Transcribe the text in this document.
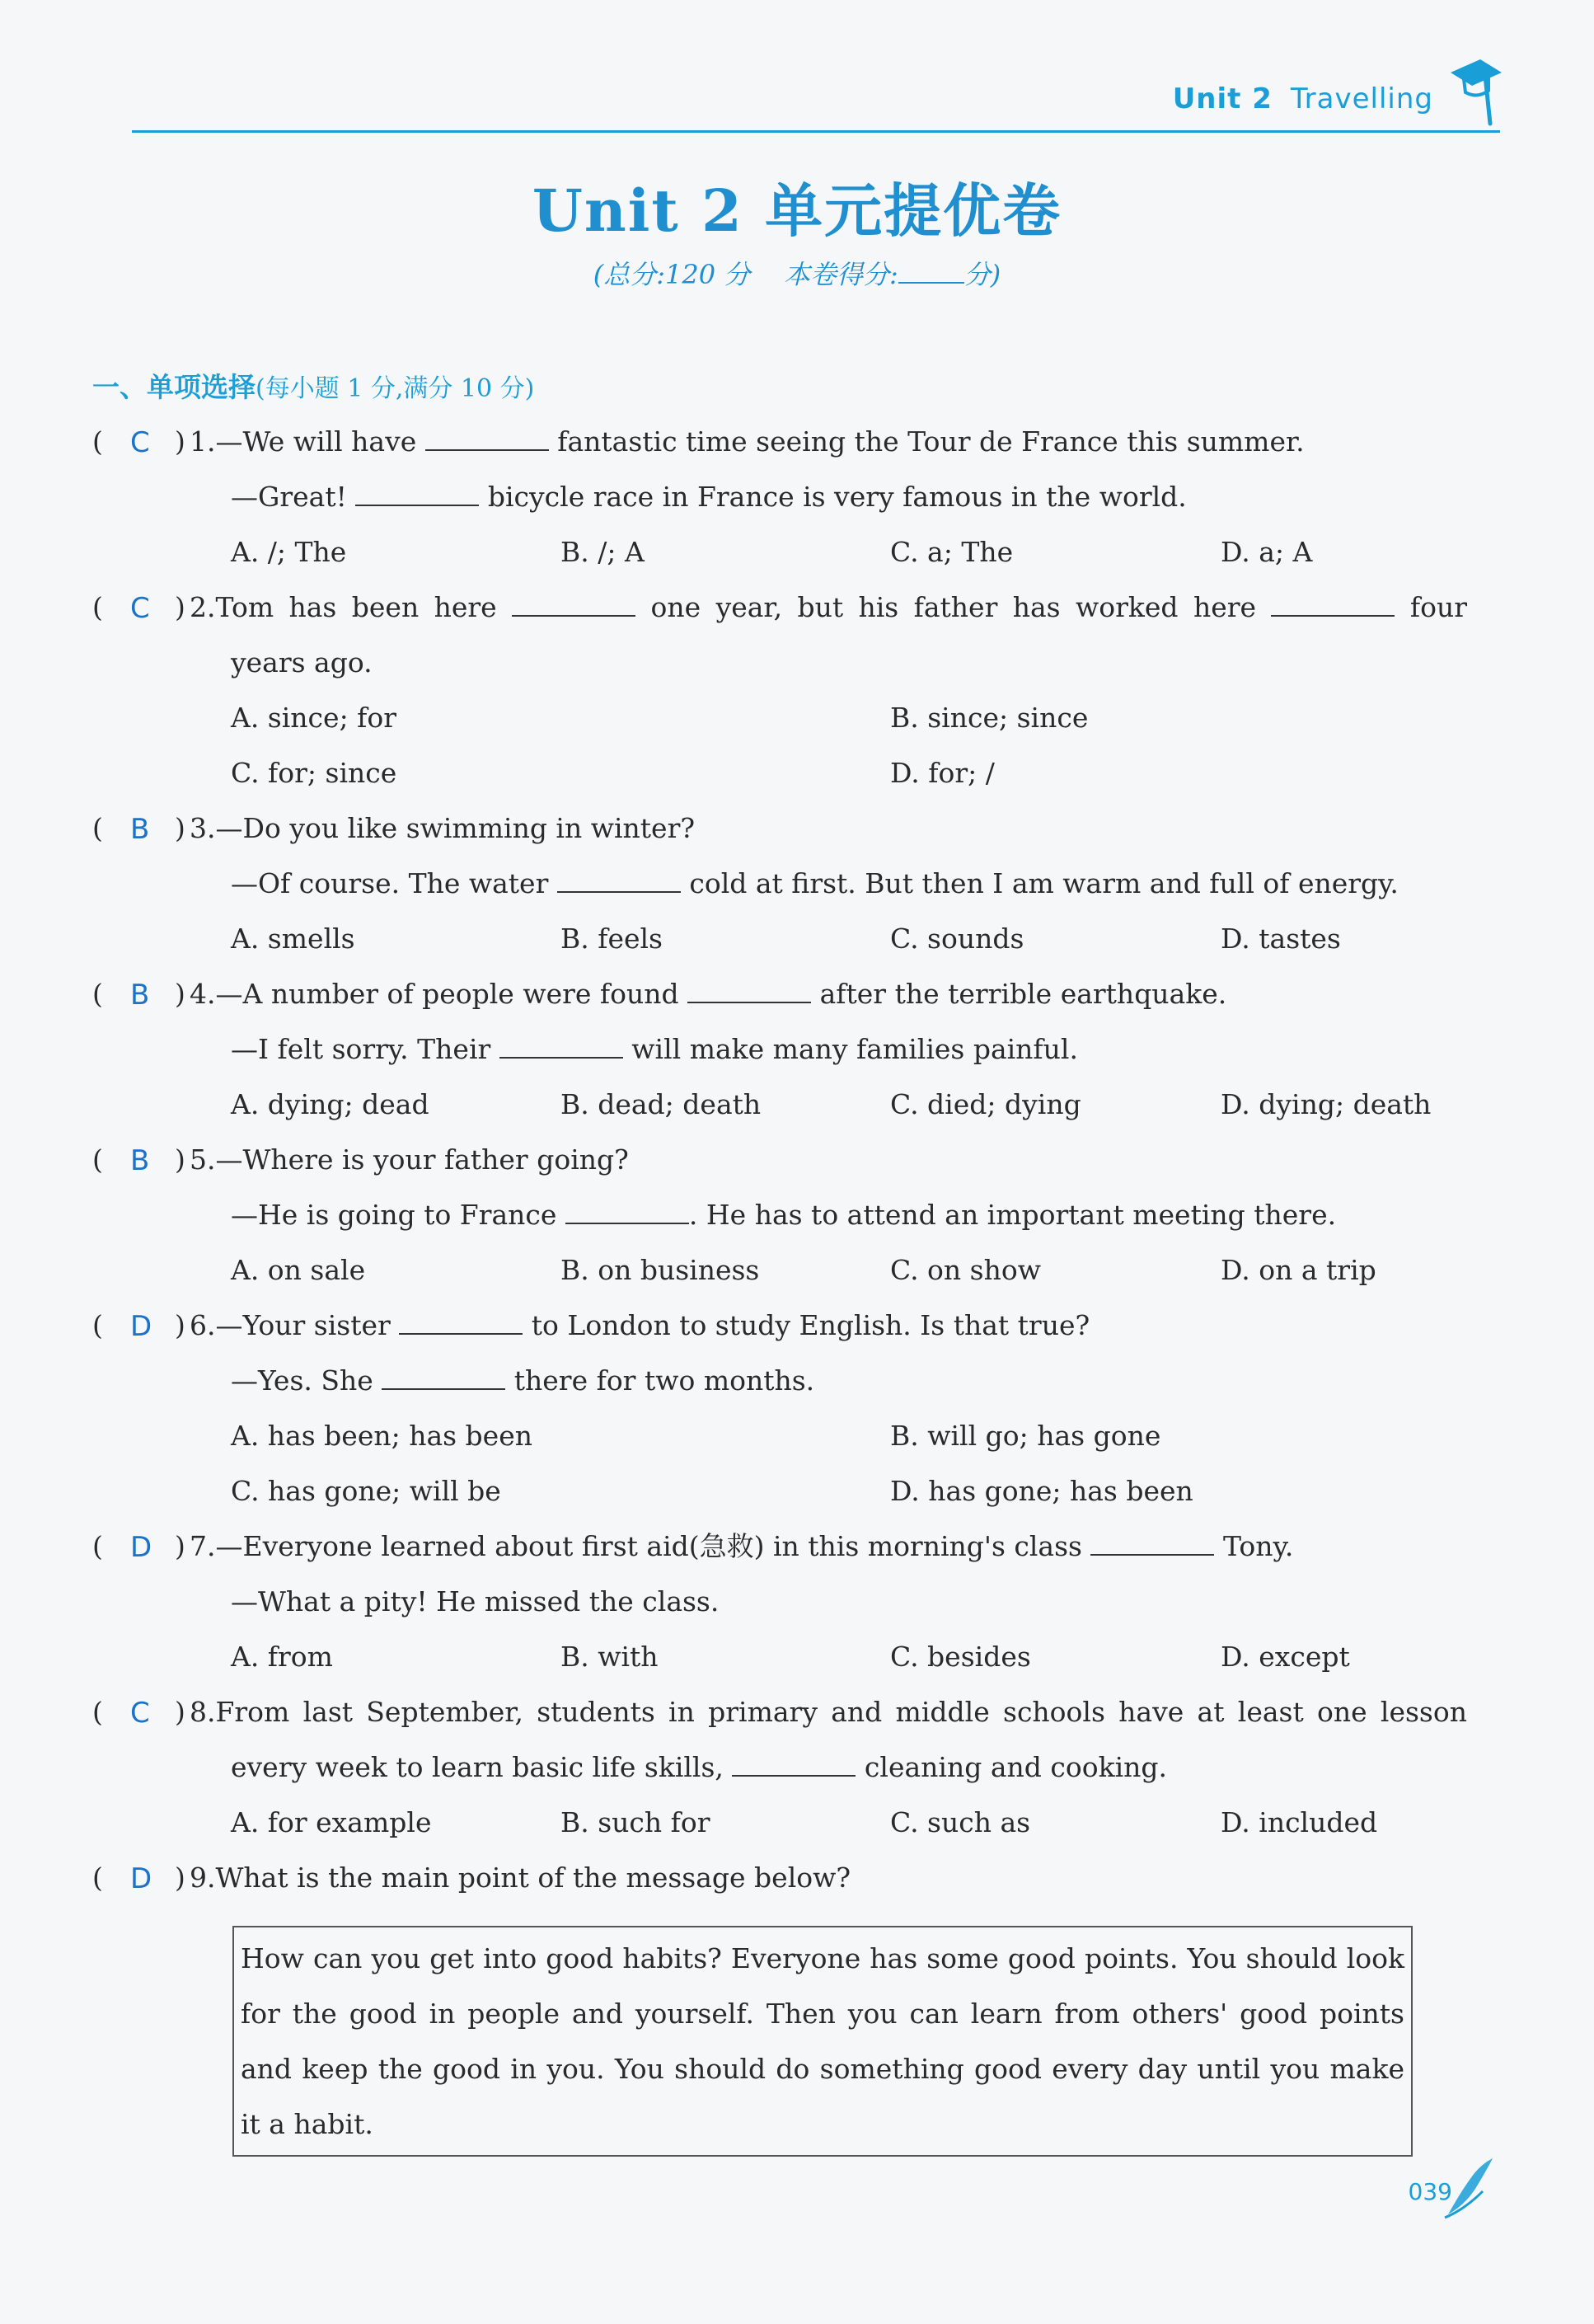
Unit 2 Travelling
Unit 2 单元提优卷
(总分:120 分 本卷得分:	分)
一、单项选择(每小题 1 分,满分 10 分)
( C ) 1.—We will have	fantastic time seeing the Tour de France this summer.
—Great!	bicycle race in France is very famous in the world.
A. /; The	B. /; A	C. a; The	D. a; A
( C ) 2.Tom has been here	one year, but his father has worked here	four
years ago.
A. since; for	B. since; since
C. for; since	D. for; /
( B ) 3.—Do you like swimming in winter?
—Of course. The water	cold at first. But then I am warm and full of energy.
A. smells	B. feels	C. sounds	D. tastes
( B ) 4.—A number of people were found	after the terrible earthquake.
—I felt sorry. Their	will make many families painful.
A. dying; dead	B. dead; death	C. died; dying	D. dying; death
( B ) 5.—Where is your father going?
—He is going to France	. He has to attend an important meeting there.
A. on sale	B. on business	C. on show	D. on a trip
( D ) 6.—Your sister	to London to study English. Is that true?
—Yes. She	there for two months.
A. has been; has been	B. will go; has gone
C. has gone; will be	D. has gone; has been
( D ) 7.—Everyone learned about first aid(急救) in this morning's class	Tony.
—What a pity! He missed the class.
A. from	B. with	C. besides	D. except
( C ) 8.From last September, students in primary and middle schools have at least one lesson
every week to learn basic life skills,	cleaning and cooking.
A. for example	B. such for	C. such as	D. included
( D ) 9.What is the main point of the message below?
How can you get into good habits? Everyone has some good points. You should look for the good in people and yourself. Then you can learn from others' good points and keep the good in you. You should do something good every day until you make it a habit.
039
